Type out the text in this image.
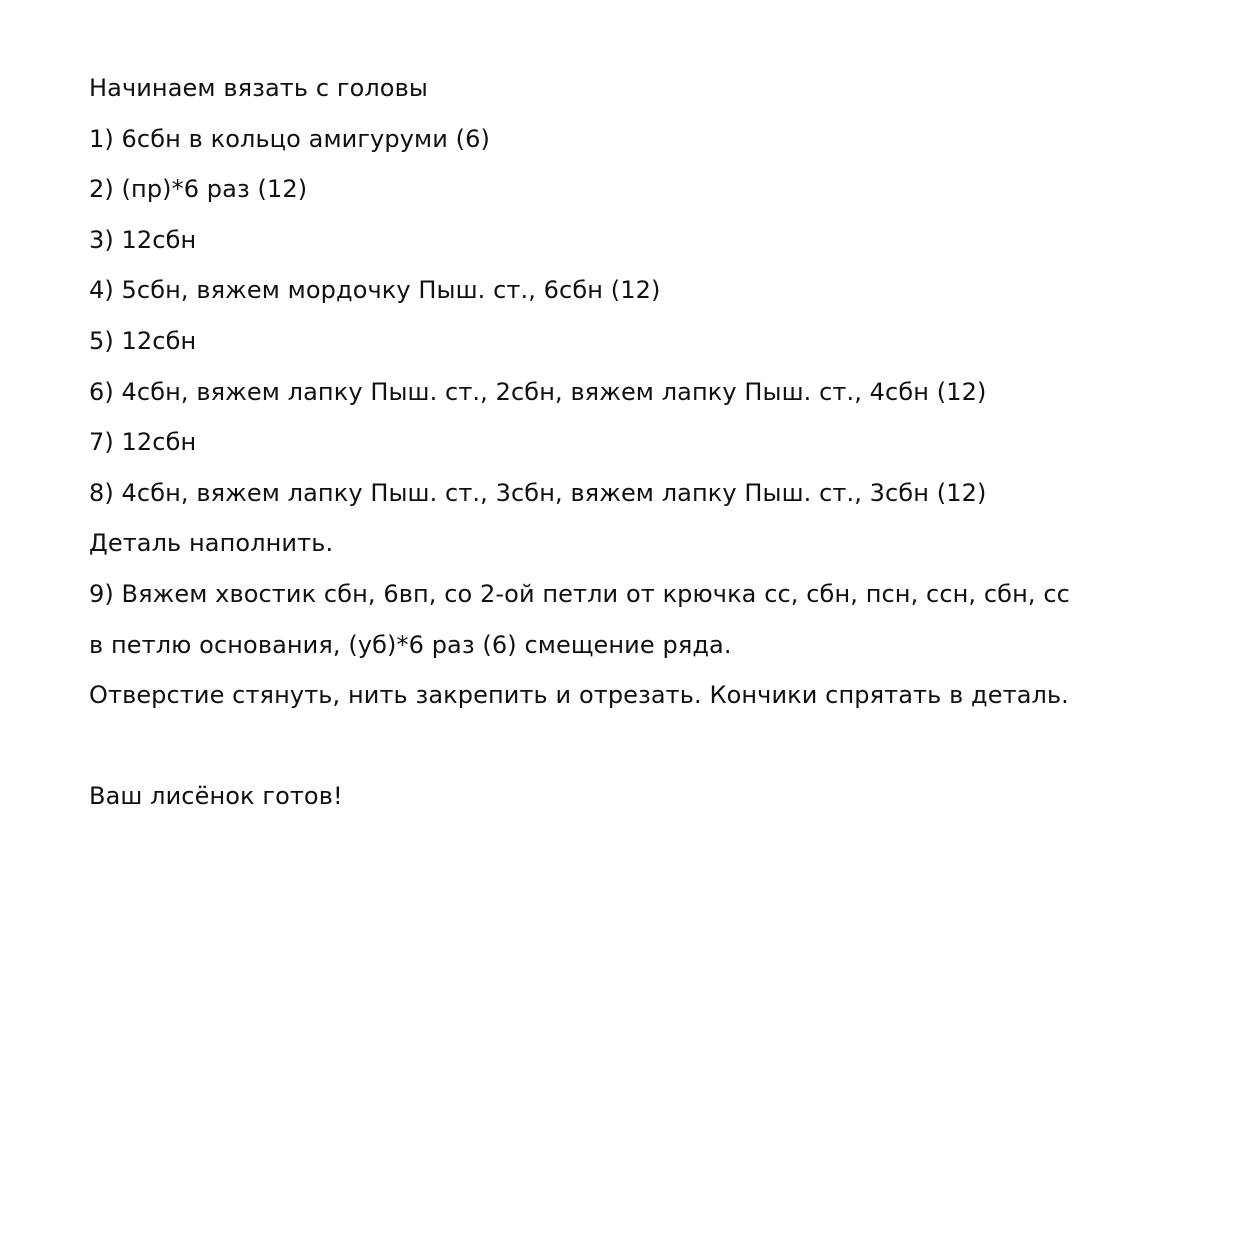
Начинаем вязать с головы
1) 6сбн в кольцо амигуруми (6)
2) (пр)*6 раз (12)
3) 12сбн
4) 5сбн, вяжем мордочку Пыш. ст., 6сбн (12)
5) 12сбн
6) 4сбн, вяжем лапку Пыш. ст., 2сбн, вяжем лапку Пыш. ст., 4сбн (12)
7) 12сбн
8) 4сбн, вяжем лапку Пыш. ст., 3сбн, вяжем лапку Пыш. ст., 3сбн (12)
Деталь наполнить.
9) Вяжем хвостик сбн, 6вп, со 2-ой петли от крючка сс, сбн, псн, ссн, сбн, сс
в петлю основания, (уб)*6 раз (6) смещение ряда.
Отверстие стянуть, нить закрепить и отрезать. Кончики спрятать в деталь.
Ваш лисёнок готов!
